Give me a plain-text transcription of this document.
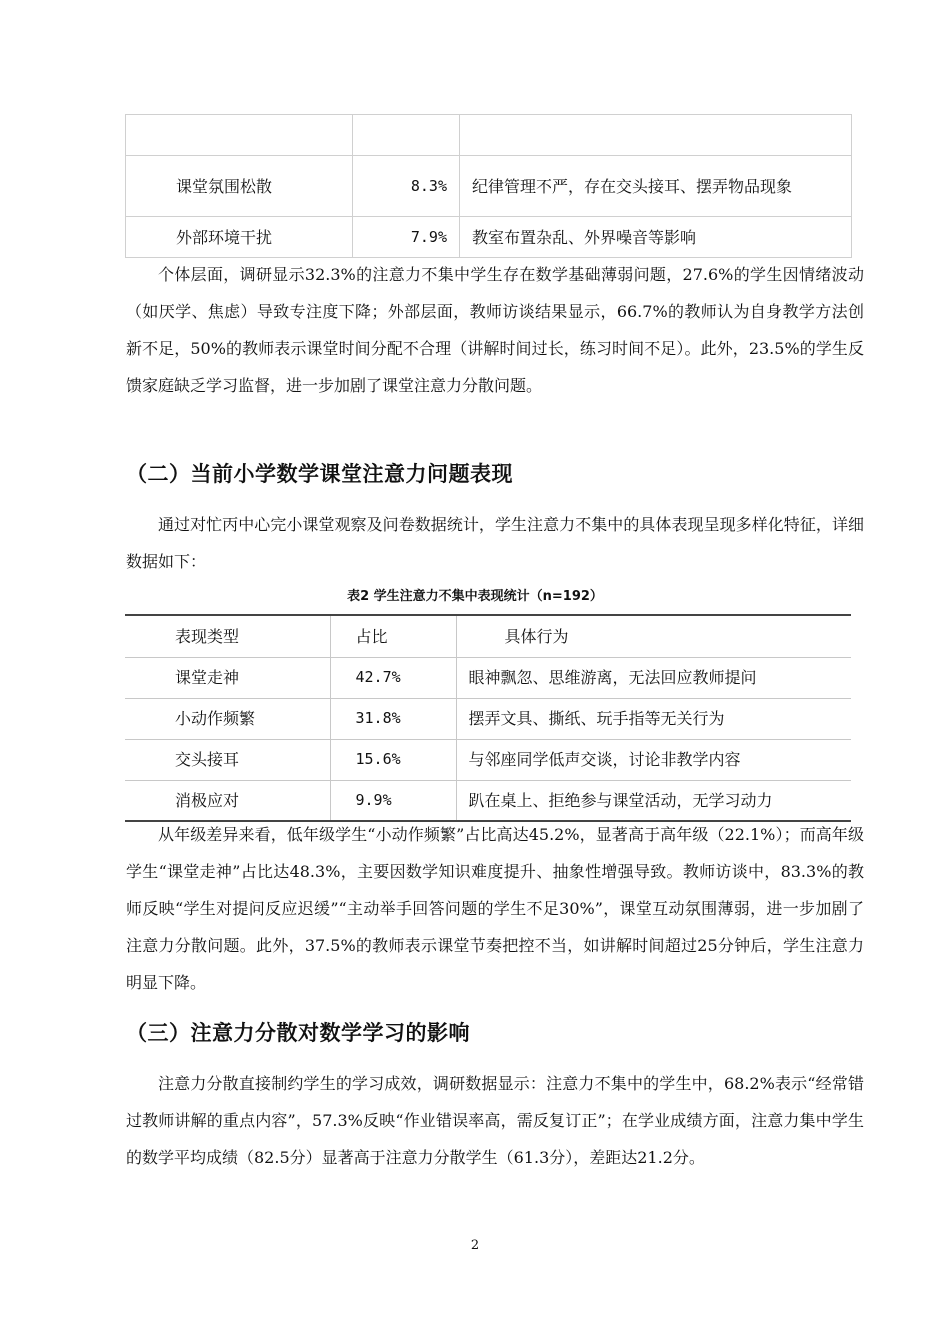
课堂氛围松散	8.3%	纪律管理不严，存在交头接耳、摆弄物品现象
外部环境干扰	7.9%	教室布置杂乱、外界噪音等影响

个体层面，调研显示32.3%的注意力不集中学生存在数学基础薄弱问题，27.6%的学生因情绪波动（如厌学、焦虑）导致专注度下降；外部层面，教师访谈结果显示，66.7%的教师认为自身教学方法创新不足，50%的教师表示课堂时间分配不合理（讲解时间过长，练习时间不足）。此外，23.5%的学生反馈家庭缺乏学习监督，进一步加剧了课堂注意力分散问题。

（二）当前小学数学课堂注意力问题表现

通过对忙丙中心完小课堂观察及问卷数据统计，学生注意力不集中的具体表现呈现多样化特征，详细数据如下：

表2 学生注意力不集中表现统计（n=192）

表现类型	占比	具体行为
课堂走神	42.7%	眼神飘忽、思维游离，无法回应教师提问
小动作频繁	31.8%	摆弄文具、撕纸、玩手指等无关行为
交头接耳	15.6%	与邻座同学低声交谈，讨论非教学内容
消极应对	9.9%	趴在桌上、拒绝参与课堂活动，无学习动力

从年级差异来看，低年级学生“小动作频繁”占比高达45.2%，显著高于高年级（22.1%）；而高年级学生“课堂走神”占比达48.3%，主要因数学知识难度提升、抽象性增强导致。教师访谈中，83.3%的教师反映“学生对提问反应迟缓”“主动举手回答问题的学生不足30%”，课堂互动氛围薄弱，进一步加剧了注意力分散问题。此外，37.5%的教师表示课堂节奏把控不当，如讲解时间超过25分钟后，学生注意力明显下降。

（三）注意力分散对数学学习的影响

注意力分散直接制约学生的学习成效，调研数据显示：注意力不集中的学生中，68.2%表示“经常错过教师讲解的重点内容”，57.3%反映“作业错误率高，需反复订正”；在学业成绩方面，注意力集中学生的数学平均成绩（82.5分）显著高于注意力分散学生（61.3分），差距达21.2分。

2
